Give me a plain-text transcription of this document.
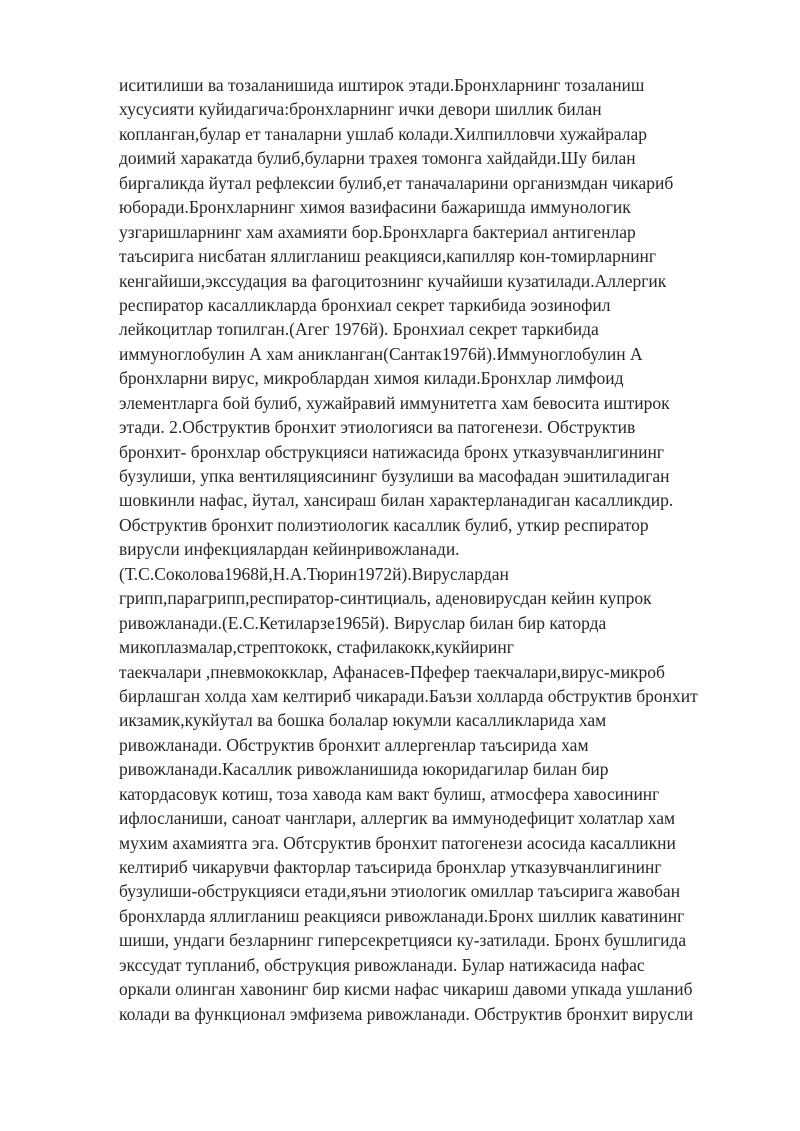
иситилиши ва тозаланишида иштирок этади.Бронхларнинг тозаланиш
хусусияти куйидагича:бронхларнинг ички девори шиллик билан
копланган,булар ет таналарни ушлаб колади.Хилпилловчи хужайралар
доимий харакатда булиб,буларни трахея томонга хайдайди.Шу билан
биргаликда йутал рефлексии булиб,ет таначаларини организмдан чикариб
юборади.Бронхларнинг химоя вазифасини бажаришда иммунологик
узгаришларнинг хам ахамияти бор.Бронхларга бактериал антигенлар
таъсирига нисбатан яллигланиш реакцияси,капилляр кон-томирларнинг
кенгайиши,экссудация ва фагоцитознинг кучайиши кузатилади.Аллергик
респиратор касалликларда бронхиал секрет таркибида эозинофил
лейкоцитлар топилган.(Агег 1976й). Бронхиал секрет таркибида
иммуноглобулин А хам аникланган(Сантак1976й).Иммуноглобулин А
бронхларни вирус, микроблардан химоя килади.Бронхлар лимфоид
элементларга бой булиб, хужайравий иммунитетга хам бевосита иштирок
этади. 2.Обструктив бронхит этиологияси ва патогенези. Обструктив
бронхит- бронхлар обструкцияси натижасида бронх утказувчанлигининг
бузулиши, упка вентиляциясининг бузулиши ва масофадан эшитиладиган
шовкинли нафас, йутал, хансираш билан характерланадиган касалликдир.
Обструктив бронхит полиэтиологик касаллик булиб, уткир респиратор
вирусли инфекциялардан кейинривожланади.
(Т.С.Соколова1968й,Н.А.Тюрин1972й).Вируслардан
грипп,парагрипп,респиратор-синтициаль, аденовирусдан кейин купрок
ривожланади.(Е.С.Кетиларзе1965й). Вируслар билан бир каторда
микоплазмалар,стрептококк, стафилакокк,кукйиринг
таекчалари ,пневмококклар, Афанасев-Пфефер таекчалари,вирус-микроб
бирлашган холда хам келтириб чикаради.Баъзи холларда обструктив бронхит
икзамик,кукйутал ва бошка болалар юкумли касалликларида хам
ривожланади. Обструктив бронхит аллергенлар таъсирида хам
ривожланади.Касаллик ривожланишида юкоридагилар билан бир
катордасовук котиш, тоза хавода кам вакт булиш, атмосфера хавосининг
ифлосланиши, саноат чанглари, аллергик ва иммунодефицит холатлар хам
мухим ахамиятга эга. Обтсруктив бронхит патогенези асосида касалликни
келтириб чикарувчи факторлар таъсирида бронхлар утказувчанлигининг
бузулиши-обструкцияси етади,яъни этиологик омиллар таъсирига жавобан
бронхларда яллигланиш реакцияси ривожланади.Бронх шиллик каватининг
шиши, ундаги безларнинг гиперсекретцияси ку-затилади. Бронх бушлигида
экссудат тупланиб, обструкция ривожланади. Булар натижасида нафас
оркали олинган хавонинг бир кисми нафас чикариш давоми упкада ушланиб
колади ва функционал эмфизема ривожланади. Обструктив бронхит вирусли
